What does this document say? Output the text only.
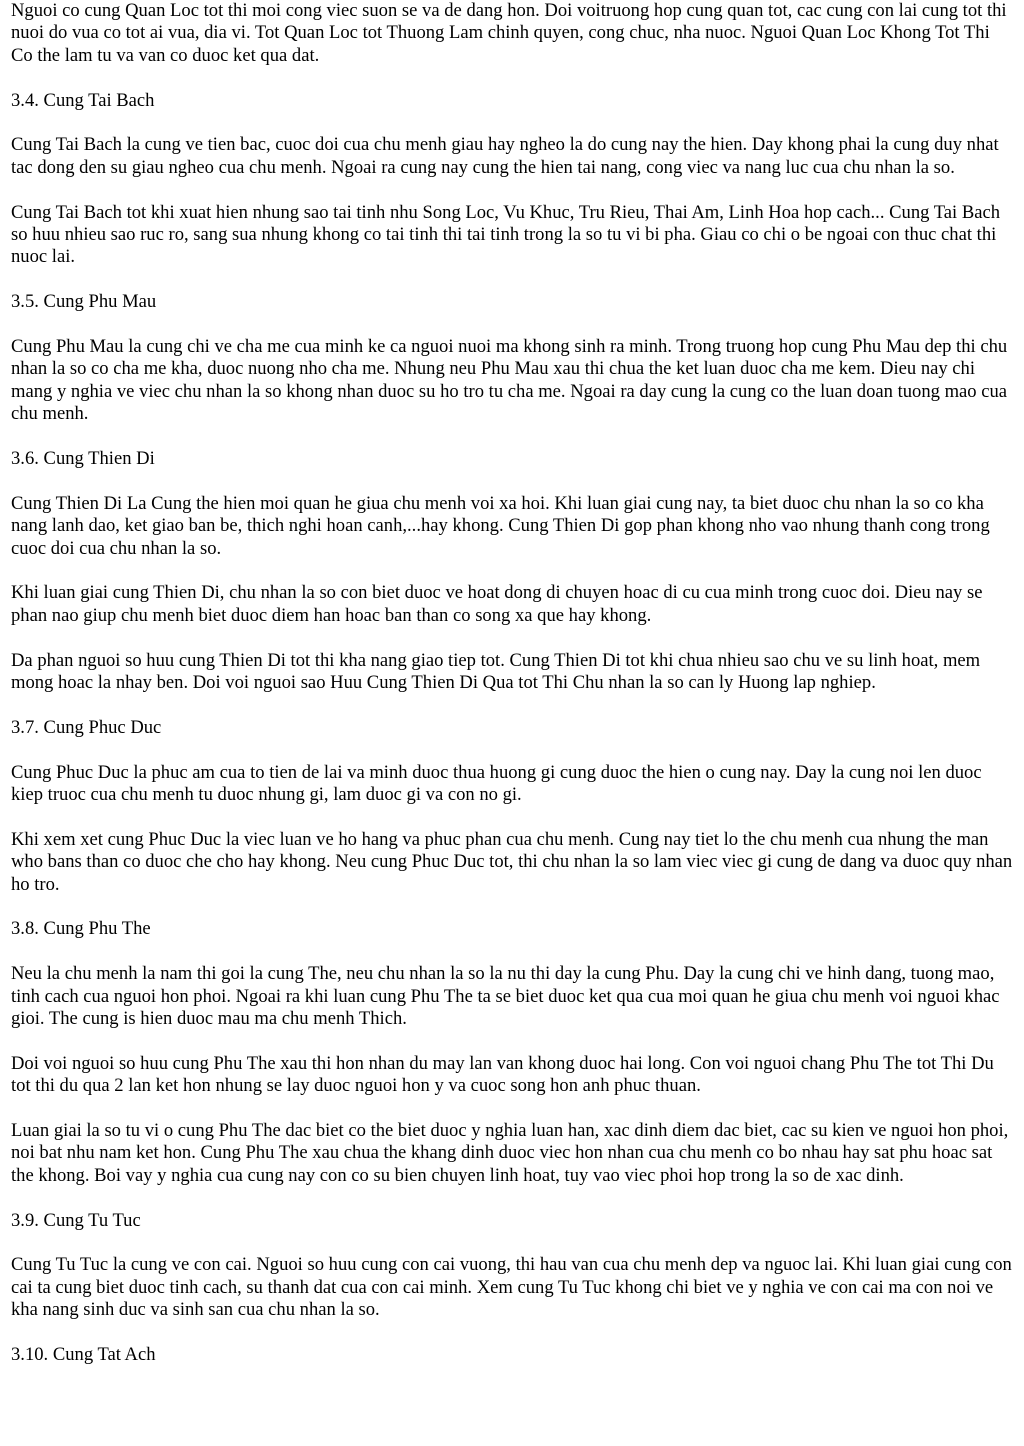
Nguoi co cung Quan Loc tot thi moi cong viec suon se va de dang hon. Doi voitruong hop cung quan tot, cac cung con lai cung tot thi nuoi do vua co tot ai vua, dia vi. Tot Quan Loc tot Thuong Lam chinh quyen, cong chuc, nha nuoc. Nguoi Quan Loc Khong Tot Thi Co the lam tu va van co duoc ket qua dat.
3.4. Cung Tai Bach
Cung Tai Bach la cung ve tien bac, cuoc doi cua chu menh giau hay ngheo la do cung nay the hien. Day khong phai la cung duy nhat tac dong den su giau ngheo cua chu menh. Ngoai ra cung nay cung the hien tai nang, cong viec va nang luc cua chu nhan la so.
Cung Tai Bach tot khi xuat hien nhung sao tai tinh nhu Song Loc, Vu Khuc, Tru Rieu, Thai Am, Linh Hoa hop cach... Cung Tai Bach so huu nhieu sao ruc ro, sang sua nhung khong co tai tinh thi tai tinh trong la so tu vi bi pha. Giau co chi o be ngoai con thuc chat thi nuoc lai.
3.5. Cung Phu Mau
Cung Phu Mau la cung chi ve cha me cua minh ke ca nguoi nuoi ma khong sinh ra minh. Trong truong hop cung Phu Mau dep thi chu nhan la so co cha me kha, duoc nuong nho cha me. Nhung neu Phu Mau xau thi chua the ket luan duoc cha me kem. Dieu nay chi mang y nghia ve viec chu nhan la so khong nhan duoc su ho tro tu cha me. Ngoai ra day cung la cung co the luan doan tuong mao cua chu menh.
3.6. Cung Thien Di
Cung Thien Di La Cung the hien moi quan he giua chu menh voi xa hoi. Khi luan giai cung nay, ta biet duoc chu nhan la so co kha nang lanh dao, ket giao ban be, thich nghi hoan canh,...hay khong. Cung Thien Di gop phan khong nho vao nhung thanh cong trong cuoc doi cua chu nhan la so.
Khi luan giai cung Thien Di, chu nhan la so con biet duoc ve hoat dong di chuyen hoac di cu cua minh trong cuoc doi. Dieu nay se phan nao giup chu menh biet duoc diem han hoac ban than co song xa que hay khong.
Da phan nguoi so huu cung Thien Di tot thi kha nang giao tiep tot. Cung Thien Di tot khi chua nhieu sao chu ve su linh hoat, mem mong hoac la nhay ben. Doi voi nguoi sao Huu Cung Thien Di Qua tot Thi Chu nhan la so can ly Huong lap nghiep.
3.7. Cung Phuc Duc
Cung Phuc Duc la phuc am cua to tien de lai va minh duoc thua huong gi cung duoc the hien o cung nay. Day la cung noi len duoc kiep truoc cua chu menh tu duoc nhung gi, lam duoc gi va con no gi.
Khi xem xet cung Phuc Duc la viec luan ve ho hang va phuc phan cua chu menh. Cung nay tiet lo the chu menh cua nhung the man who bans than co duoc che cho hay khong. Neu cung Phuc Duc tot, thi chu nhan la so lam viec viec gi cung de dang va duoc quy nhan ho tro.
3.8. Cung Phu The
Neu la chu menh la nam thi goi la cung The, neu chu nhan la so la nu thi day la cung Phu. Day la cung chi ve hinh dang, tuong mao, tinh cach cua nguoi hon phoi. Ngoai ra khi luan cung Phu The ta se biet duoc ket qua cua moi quan he giua chu menh voi nguoi khac gioi. The cung is hien duoc mau ma chu menh Thich.
Doi voi nguoi so huu cung Phu The xau thi hon nhan du may lan van khong duoc hai long. Con voi nguoi chang Phu The tot Thi Du tot thi du qua 2 lan ket hon nhung se lay duoc nguoi hon y va cuoc song hon anh phuc thuan.
Luan giai la so tu vi o cung Phu The dac biet co the biet duoc y nghia luan han, xac dinh diem dac biet, cac su kien ve nguoi hon phoi, noi bat nhu nam ket hon. Cung Phu The xau chua the khang dinh duoc viec hon nhan cua chu menh co bo nhau hay sat phu hoac sat the khong. Boi vay y nghia cua cung nay con co su bien chuyen linh hoat, tuy vao viec phoi hop trong la so de xac dinh.
3.9. Cung Tu Tuc
Cung Tu Tuc la cung ve con cai. Nguoi so huu cung con cai vuong, thi hau van cua chu menh dep va nguoc lai. Khi luan giai cung con cai ta cung biet duoc tinh cach, su thanh dat cua con cai minh. Xem cung Tu Tuc khong chi biet ve y nghia ve con cai ma con noi ve kha nang sinh duc va sinh san cua chu nhan la so.
3.10. Cung Tat Ach
